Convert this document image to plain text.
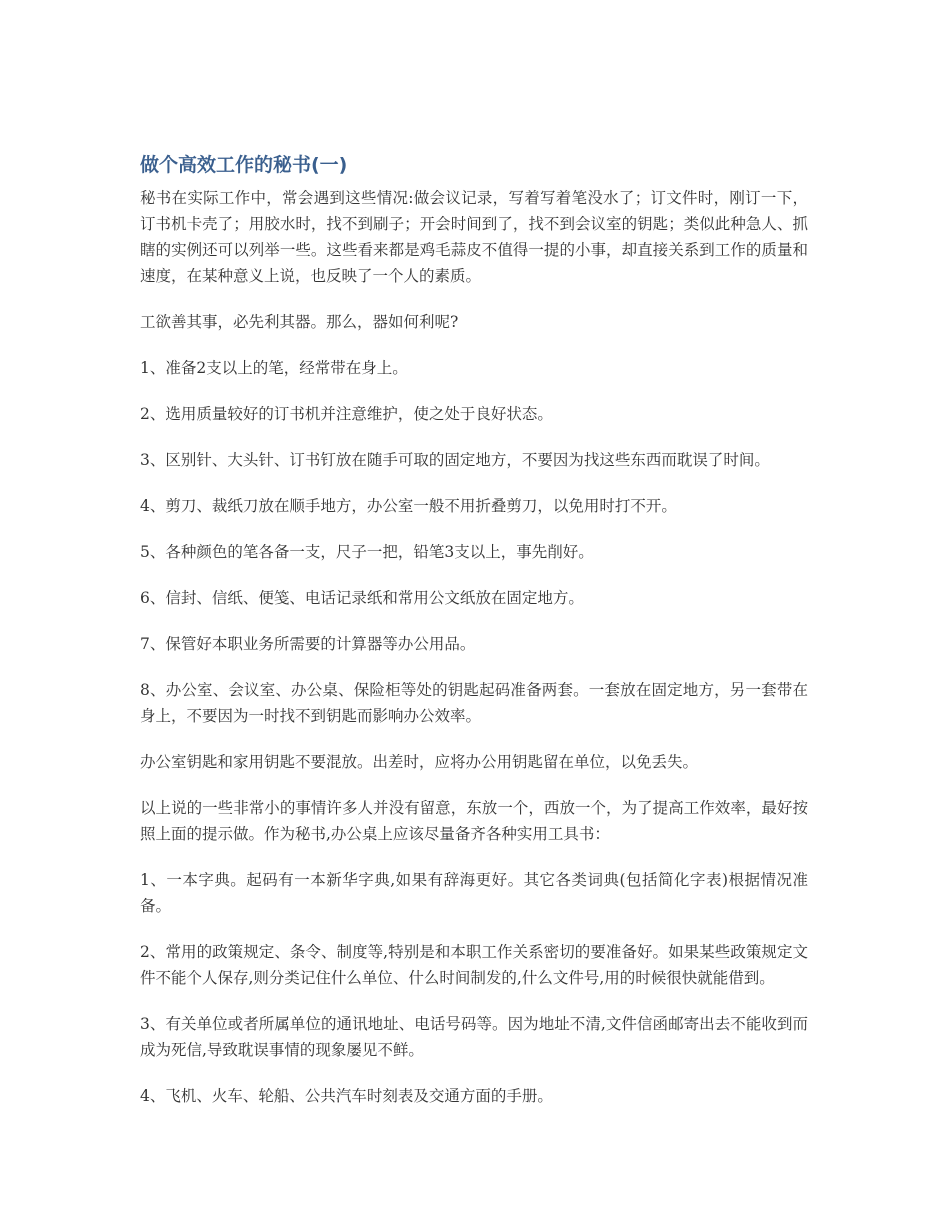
做个高效工作的秘书(一)

秘书在实际工作中，常会遇到这些情况:做会议记录，写着写着笔没水了；订文件时，刚订一下，订书机卡壳了；用胶水时，找不到刷子；开会时间到了，找不到会议室的钥匙；类似此种急人、抓瞎的实例还可以列举一些。这些看来都是鸡毛蒜皮不值得一提的小事，却直接关系到工作的质量和速度，在某种意义上说，也反映了一个人的素质。

工欲善其事，必先利其器。那么，器如何利呢?

1、准备2支以上的笔，经常带在身上。

2、选用质量较好的订书机并注意维护，使之处于良好状态。

3、区别针、大头针、订书钉放在随手可取的固定地方，不要因为找这些东西而耽误了时间。

4、剪刀、裁纸刀放在顺手地方，办公室一般不用折叠剪刀，以免用时打不开。

5、各种颜色的笔各备一支，尺子一把，铅笔3支以上，事先削好。

6、信封、信纸、便笺、电话记录纸和常用公文纸放在固定地方。

7、保管好本职业务所需要的计算器等办公用品。

8、办公室、会议室、办公桌、保险柜等处的钥匙起码准备两套。一套放在固定地方，另一套带在身上，不要因为一时找不到钥匙而影响办公效率。

办公室钥匙和家用钥匙不要混放。出差时，应将办公用钥匙留在单位，以免丢失。

以上说的一些非常小的事情许多人并没有留意，东放一个，西放一个，为了提高工作效率，最好按照上面的提示做。作为秘书,办公桌上应该尽量备齐各种实用工具书：

1、一本字典。起码有一本新华字典,如果有辞海更好。其它各类词典(包括简化字表)根据情况准备。

2、常用的政策规定、条令、制度等,特别是和本职工作关系密切的要准备好。如果某些政策规定文件不能个人保存,则分类记住什么单位、什么时间制发的,什么文件号,用的时候很快就能借到。

3、有关单位或者所属单位的通讯地址、电话号码等。因为地址不清,文件信函邮寄出去不能收到而成为死信,导致耽误事情的现象屡见不鲜。

4、飞机、火车、轮船、公共汽车时刻表及交通方面的手册。
